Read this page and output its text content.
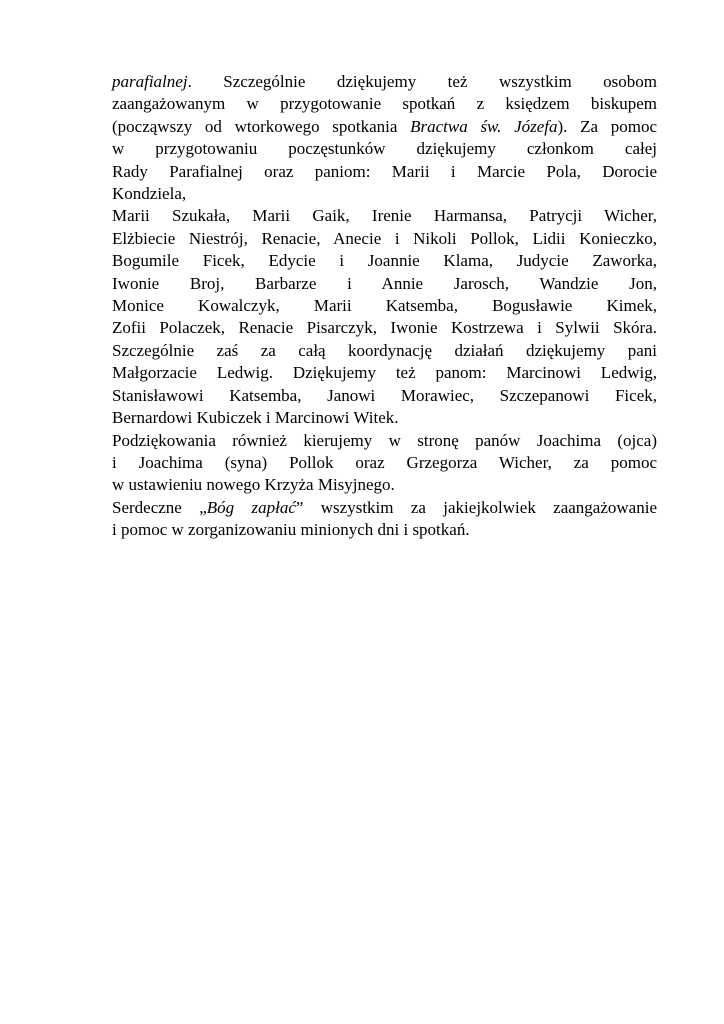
parafialnej. Szczególnie dziękujemy też wszystkim osobom

zaangażowanym w przygotowanie spotkań z księdzem biskupem

(począwszy od wtorkowego spotkania Bractwa św. Józefa). Za pomoc

w przygotowaniu poczęstunków dziękujemy członkom całej

Rady Parafialnej oraz paniom: Marii i Marcie Pola, Dorocie

Kondziela,

Marii Szukała, Marii Gaik, Irenie Harmansa, Patrycji Wicher,

Elżbiecie Niestrój, Renacie, Anecie i Nikoli Pollok, Lidii Konieczko,

Bogumile Ficek, Edycie i Joannie Klama, Judycie Zaworka,

Iwonie Broj, Barbarze i Annie Jarosch, Wandzie Jon,

Monice Kowalczyk, Marii Katsemba, Bogusławie Kimek,

Zofii Polaczek, Renacie Pisarczyk, Iwonie Kostrzewa i Sylwii Skóra.

Szczególnie zaś za całą koordynację działań dziękujemy pani

Małgorzacie Ledwig. Dziękujemy też panom: Marcinowi Ledwig,

Stanisławowi Katsemba, Janowi Morawiec, Szczepanowi Ficek,

Bernardowi Kubiczek i Marcinowi Witek.

Podziękowania również kierujemy w stronę panów Joachima (ojca)

i Joachima (syna) Pollok oraz Grzegorza Wicher, za pomoc

w ustawieniu nowego Krzyża Misyjnego.

Serdeczne „Bóg zapłać” wszystkim za jakiejkolwiek zaangażowanie

i pomoc w zorganizowaniu minionych dni i spotkań.
